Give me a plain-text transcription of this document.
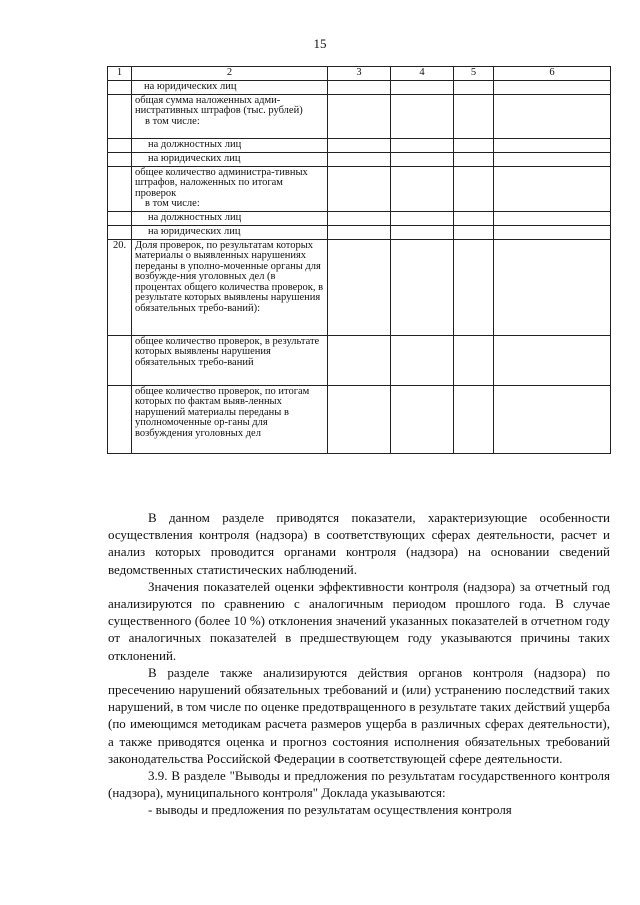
15
1	2	3	4	5	6
	на юридических лиц				
	общая сумма наложенных адми-нистративных штрафов (тыс. рублей)
в том числе:				

	на должностных лиц				
	на юридических лиц				
	общее количество администра-тивных штрафов, наложенных по итогам проверок
в том числе:				

	на должностных лиц				
	на юридических лиц				
20.	Доля проверок, по результатам которых материалы о выявленных нарушениях переданы в уполно-моченные органы для возбужде-ния уголовных дел (в процентах общего количества проверок, в результате которых выявлены нарушения обязательных требо-ваний):				
	общее количество проверок, в результате которых выявлены нарушения обязательных требо-ваний				
	общее количество проверок, по итогам которых по фактам выяв-ленных нарушений материалы переданы в уполномоченные ор-ганы для возбуждения уголовных дел				

В данном разделе приводятся показатели, характеризующие особенности осуществления контроля (надзора) в соответствующих сферах деятельности, расчет и анализ которых проводится органами контроля (надзора) на основании сведений ведомственных статистических наблюдений.

Значения показателей оценки эффективности контроля (надзора) за отчетный год анализируются по сравнению с аналогичным периодом прошлого года. В случае существенного (более 10 %) отклонения значений указанных показателей в отчетном году от аналогичных показателей в предшествующем году указываются причины таких отклонений.

В разделе также анализируются действия органов контроля (надзора) по пресечению нарушений обязательных требований и (или) устранению последствий таких нарушений, в том числе по оценке предотвращенного в результате таких действий ущерба (по имеющимся методикам расчета размеров ущерба в различных сферах деятельности), а также приводятся оценка и прогноз состояния исполнения обязательных требований законодательства Российской Федерации в соответствующей сфере деятельности.

3.9. В разделе "Выводы и предложения по результатам государственного контроля (надзора), муниципального контроля" Доклада указываются:

- выводы и предложения по результатам осуществления контроля
